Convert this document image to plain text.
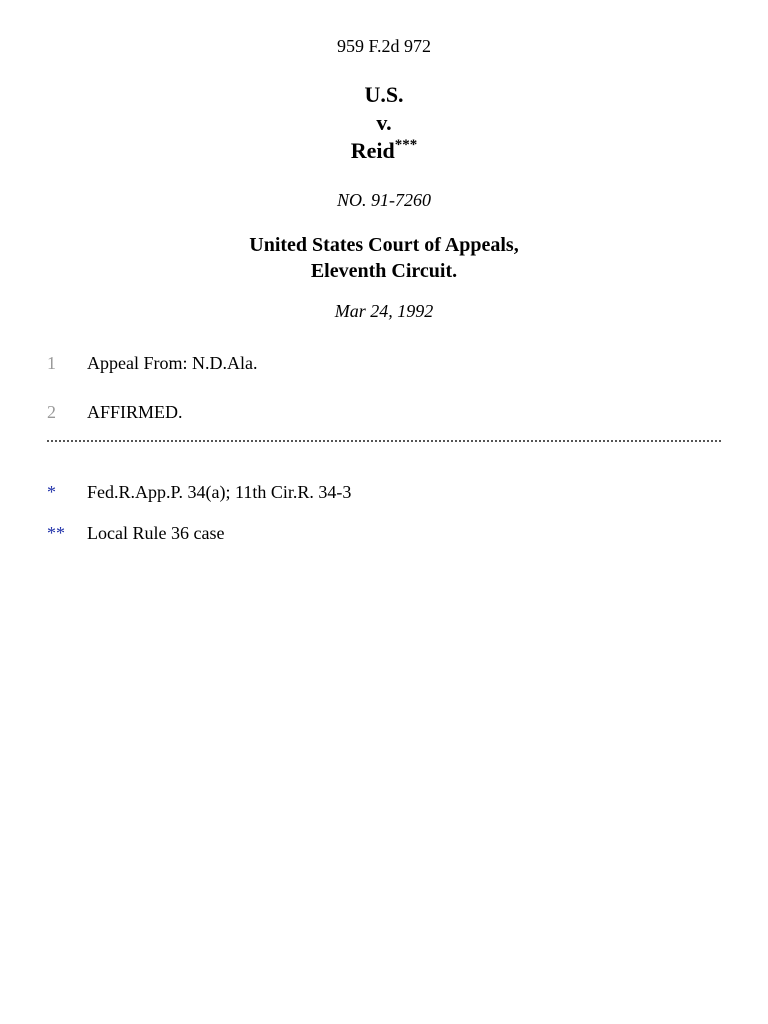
959 F.2d 972
U.S.
v.
Reid***
NO. 91-7260
United States Court of Appeals,
Eleventh Circuit.
Mar 24, 1992
1 Appeal From: N.D.Ala.
2 AFFIRMED.
* Fed.R.App.P. 34(a); 11th Cir.R. 34-3
** Local Rule 36 case
